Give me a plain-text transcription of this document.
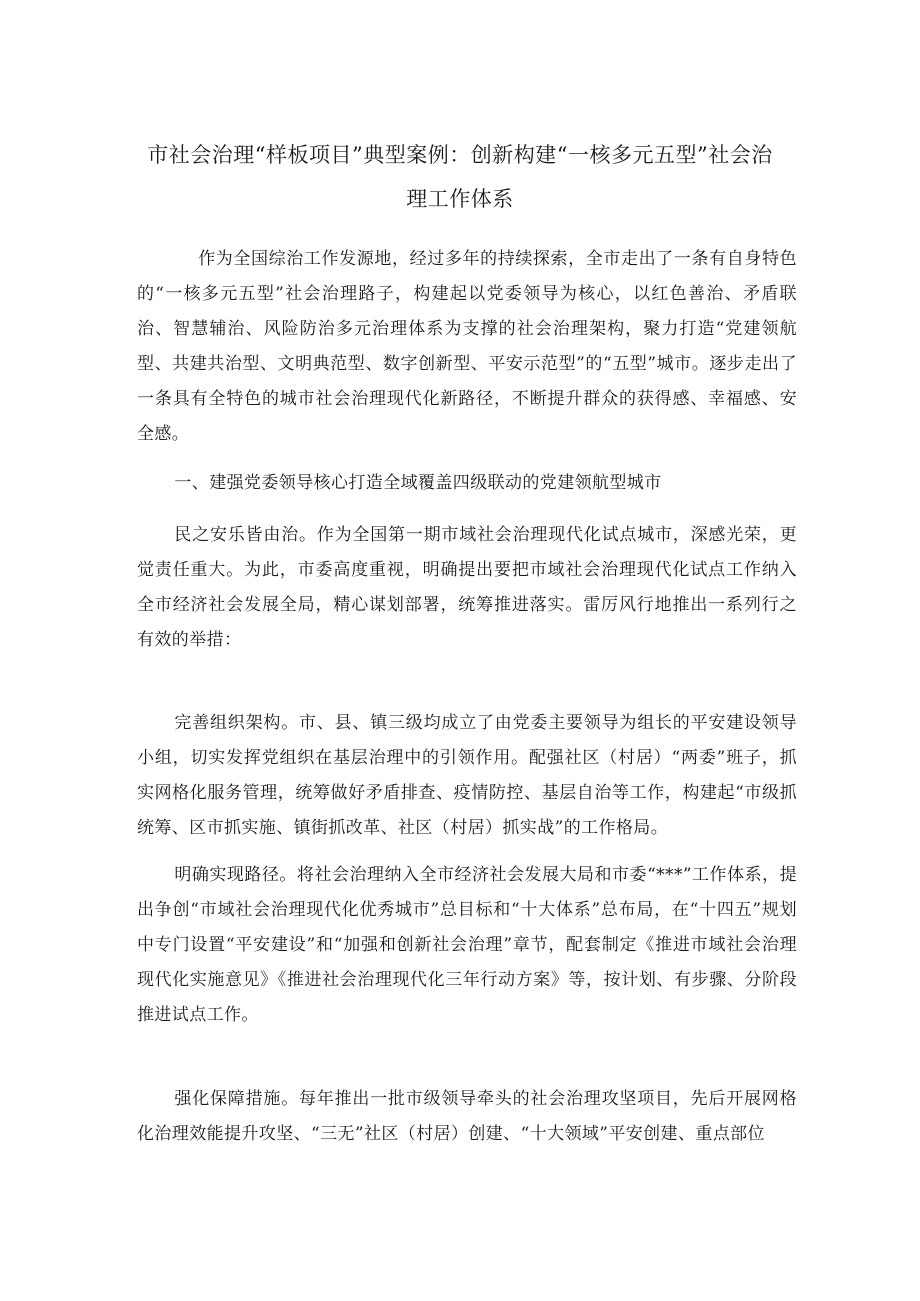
市社会治理“样板项目”典型案例：创新构建“一核多元五型”社会治
理工作体系
作为全国综治工作发源地，经过多年的持续探索，全市走出了一条有自身特色的“一核多元五型”社会治理路子，构建起以党委领导为核心，以红色善治、矛盾联治、智慧辅治、风险防治多元治理体系为支撑的社会治理架构，聚力打造“党建领航型、共建共治型、文明典范型、数字创新型、平安示范型”的“五型”城市。逐步走出了一条具有全特色的城市社会治理现代化新路径，不断提升群众的获得感、幸福感、安全感。
一、建强党委领导核心打造全域覆盖四级联动的党建领航型城市
民之安乐皆由治。作为全国第一期市域社会治理现代化试点城市，深感光荣，更觉责任重大。为此，市委高度重视，明确提出要把市域社会治理现代化试点工作纳入全市经济社会发展全局，精心谋划部署，统筹推进落实。雷厉风行地推出一系列行之有效的举措：
完善组织架构。市、县、镇三级均成立了由党委主要领导为组长的平安建设领导小组，切实发挥党组织在基层治理中的引领作用。配强社区（村居）“两委”班子，抓实网格化服务管理，统筹做好矛盾排查、疫情防控、基层自治等工作，构建起“市级抓统筹、区市抓实施、镇街抓改革、社区（村居）抓实战”的工作格局。
明确实现路径。将社会治理纳入全市经济社会发展大局和市委“***”工作体系，提出争创“市域社会治理现代化优秀城市”总目标和“十大体系”总布局，在“十四五”规划中专门设置“平安建设”和“加强和创新社会治理”章节，配套制定《推进市域社会治理现代化实施意见》《推进社会治理现代化三年行动方案》等，按计划、有步骤、分阶段推进试点工作。
强化保障措施。每年推出一批市级领导牵头的社会治理攻坚项目，先后开展网格化治理效能提升攻坚、“三无”社区（村居）创建、“十大领域”平安创建、重点部位
